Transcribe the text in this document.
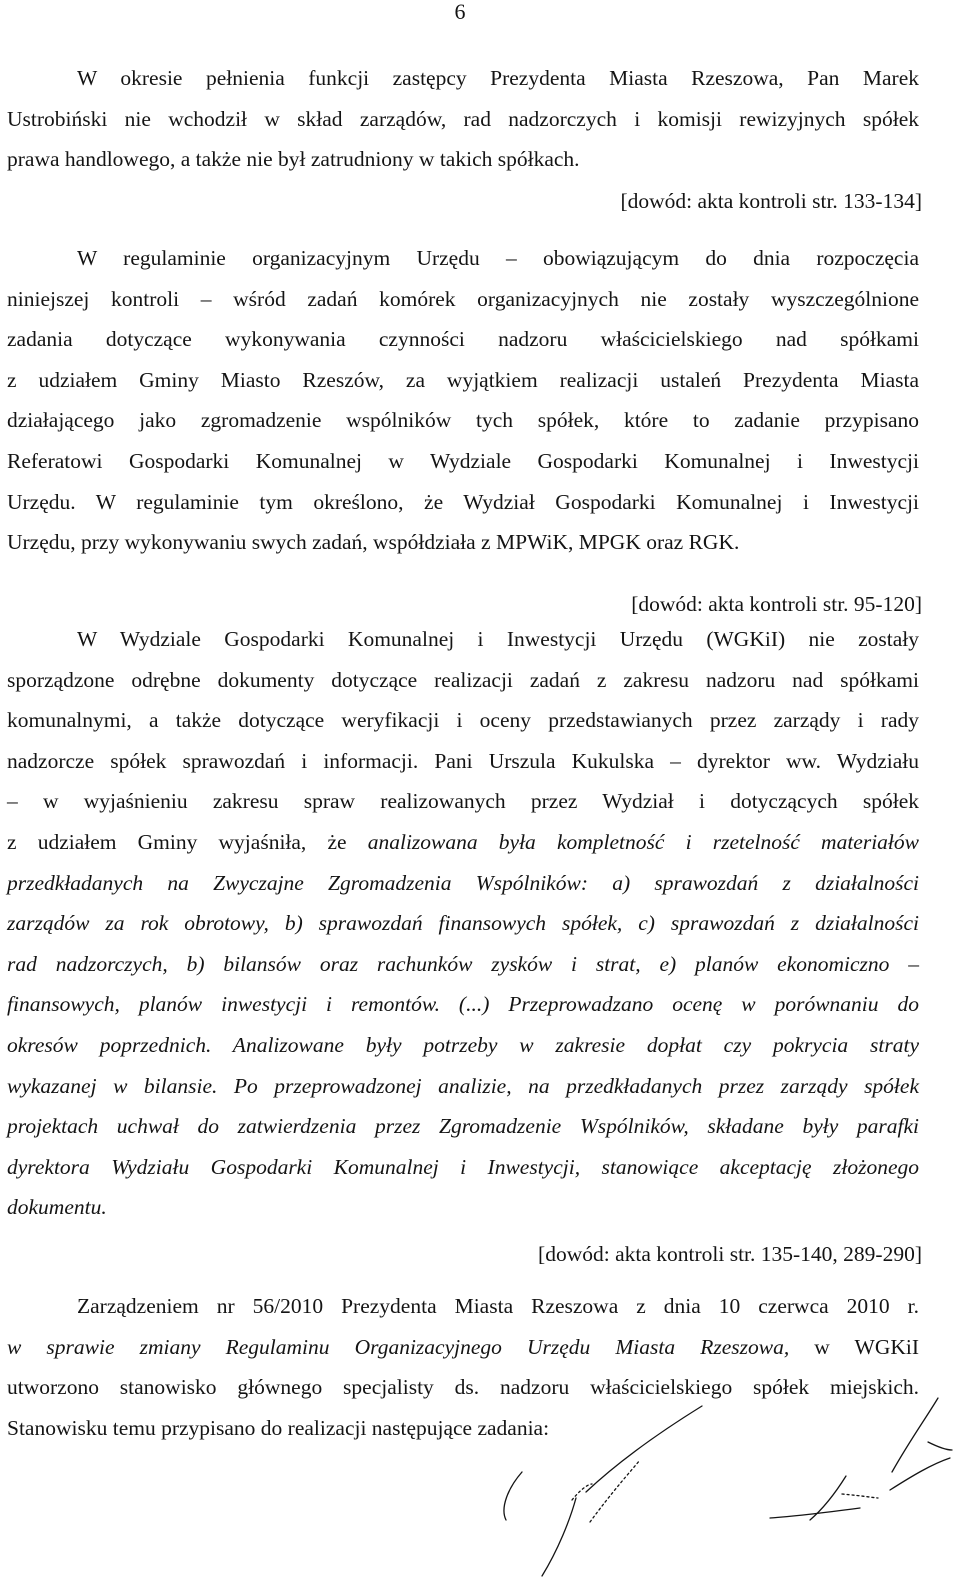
6
W okresie pełnienia funkcji zastępcy Prezydenta Miasta Rzeszowa, Pan Marek
Ustrobiński nie wchodził w skład zarządów, rad nadzorczych i komisji rewizyjnych spółek
prawa handlowego, a także nie był zatrudniony w takich spółkach.
[dowód: akta kontroli str. 133-134]
W regulaminie organizacyjnym Urzędu – obowiązującym do dnia rozpoczęcia
niniejszej kontroli – wśród zadań komórek organizacyjnych nie zostały wyszczególnione
zadania dotyczące wykonywania czynności nadzoru właścicielskiego nad spółkami
z udziałem Gminy Miasto Rzeszów, za wyjątkiem realizacji ustaleń Prezydenta Miasta
działającego jako zgromadzenie wspólników tych spółek, które to zadanie przypisano
Referatowi Gospodarki Komunalnej w Wydziale Gospodarki Komunalnej i Inwestycji
Urzędu. W regulaminie tym określono, że Wydział Gospodarki Komunalnej i Inwestycji
Urzędu, przy wykonywaniu swych zadań, współdziała z MPWiK, MPGK oraz RGK.
[dowód: akta kontroli str. 95-120]
W Wydziale Gospodarki Komunalnej i Inwestycji Urzędu (WGKiI) nie zostały
sporządzone odrębne dokumenty dotyczące realizacji zadań z zakresu nadzoru nad spółkami
komunalnymi, a także dotyczące weryfikacji i oceny przedstawianych przez zarządy i rady
nadzorcze spółek sprawozdań i informacji. Pani Urszula Kukulska – dyrektor ww. Wydziału
– w wyjaśnieniu zakresu spraw realizowanych przez Wydział i dotyczących spółek
z udziałem Gminy wyjaśniła, że analizowana była kompletność i rzetelność materiałów
przedkładanych na Zwyczajne Zgromadzenia Wspólników: a) sprawozdań z działalności
zarządów za rok obrotowy, b) sprawozdań finansowych spółek, c) sprawozdań z działalności
rad nadzorczych, b) bilansów oraz rachunków zysków i strat, e) planów ekonomiczno –
finansowych, planów inwestycji i remontów. (...) Przeprowadzano ocenę w porównaniu do
okresów poprzednich. Analizowane były potrzeby w zakresie dopłat czy pokrycia straty
wykazanej w bilansie. Po przeprowadzonej analizie, na przedkładanych przez zarządy spółek
projektach uchwał do zatwierdzenia przez Zgromadzenie Wspólników, składane były parafki
dyrektora Wydziału Gospodarki Komunalnej i Inwestycji, stanowiące akceptację złożonego
dokumentu.
[dowód: akta kontroli str. 135-140, 289-290]
Zarządzeniem nr 56/2010 Prezydenta Miasta Rzeszowa z dnia 10 czerwca 2010 r.
w sprawie zmiany Regulaminu Organizacyjnego Urzędu Miasta Rzeszowa, w WGKiI
utworzono stanowisko głównego specjalisty ds. nadzoru właścicielskiego spółek miejskich.
Stanowisku temu przypisano do realizacji następujące zadania:
